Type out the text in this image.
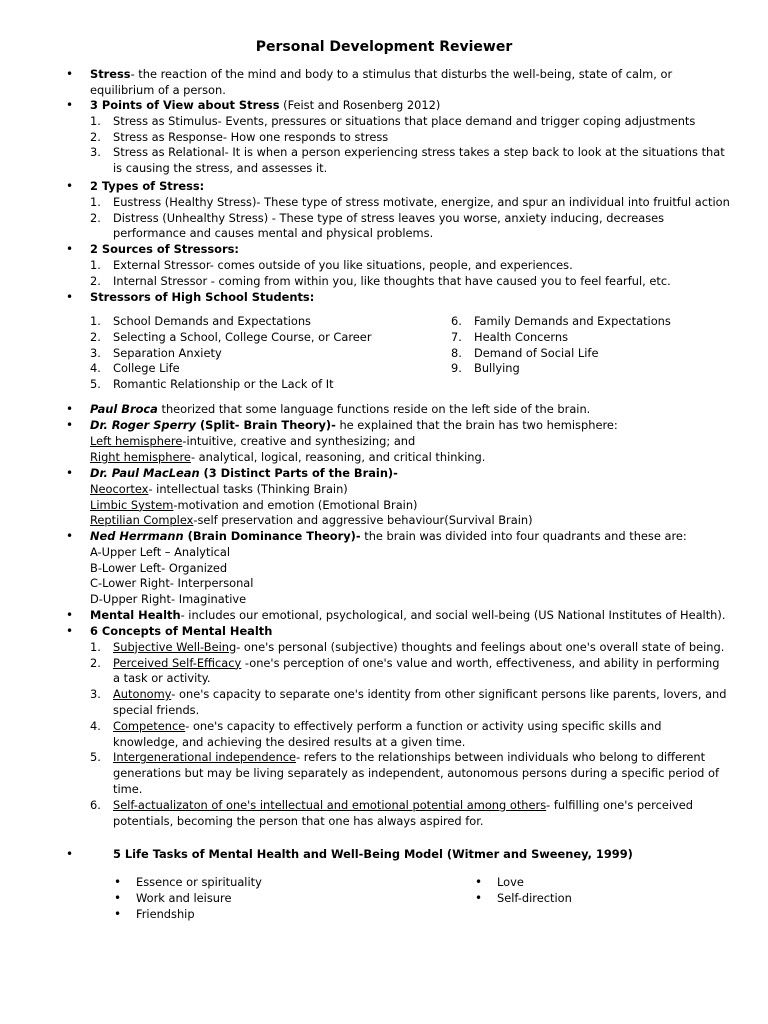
Personal Development Reviewer
• Stress- the reaction of the mind and body to a stimulus that disturbs the well-being, state of calm, or equilibrium of a person.
• 3 Points of View about Stress (Feist and Rosenberg 2012)
1. Stress as Stimulus- Events, pressures or situations that place demand and trigger coping adjustments
2. Stress as Response- How one responds to stress
3. Stress as Relational- It is when a person experiencing stress takes a step back to look at the situations that is causing the stress, and assesses it.
• 2 Types of Stress:
1. Eustress (Healthy Stress)- These type of stress motivate, energize, and spur an individual into fruitful action
2. Distress (Unhealthy Stress) - These type of stress leaves you worse, anxiety inducing, decreases performance and causes mental and physical problems.
• 2 Sources of Stressors:
1. External Stressor- comes outside of you like situations, people, and experiences.
2. Internal Stressor - coming from within you, like thoughts that have caused you to feel fearful, etc.
• Stressors of High School Students:
1. School Demands and Expectations
2. Selecting a School, College Course, or Career
3. Separation Anxiety
4. College Life
5. Romantic Relationship or the Lack of It
6. Family Demands and Expectations
7. Health Concerns
8. Demand of Social Life
9. Bullying
• Paul Broca theorized that some language functions reside on the left side of the brain.
• Dr. Roger Sperry (Split- Brain Theory)- he explained that the brain has two hemisphere:
Left hemisphere-intuitive, creative and synthesizing; and
Right hemisphere- analytical, logical, reasoning, and critical thinking.
• Dr. Paul MacLean (3 Distinct Parts of the Brain)-
Neocortex- intellectual tasks (Thinking Brain)
Limbic System-motivation and emotion (Emotional Brain)
Reptilian Complex-self preservation and aggressive behaviour(Survival Brain)
• Ned Herrmann (Brain Dominance Theory)- the brain was divided into four quadrants and these are:
A-Upper Left – Analytical
B-Lower Left- Organized
C-Lower Right- Interpersonal
D-Upper Right- Imaginative
• Mental Health- includes our emotional, psychological, and social well-being (US National Institutes of Health).
• 6 Concepts of Mental Health
1. Subjective Well-Being- one's personal (subjective) thoughts and feelings about one's overall state of being.
2. Perceived Self-Efficacy -one's perception of one's value and worth, effectiveness, and ability in performing a task or activity.
3. Autonomy- one's capacity to separate one's identity from other significant persons like parents, lovers, and special friends.
4. Competence- one's capacity to effectively perform a function or activity using specific skills and knowledge, and achieving the desired results at a given time.
5. Intergenerational independence- refers to the relationships between individuals who belong to different generations but may be living separately as independent, autonomous persons during a specific period of time.
6. Self-actualizaton of one's intellectual and emotional potential among others- fulfilling one's perceived potentials, becoming the person that one has always aspired for.
•	5 Life Tasks of Mental Health and Well-Being Model (Witmer and Sweeney, 1999)
• Essence or spirituality
• Work and leisure
• Friendship
• Love
• Self-direction
